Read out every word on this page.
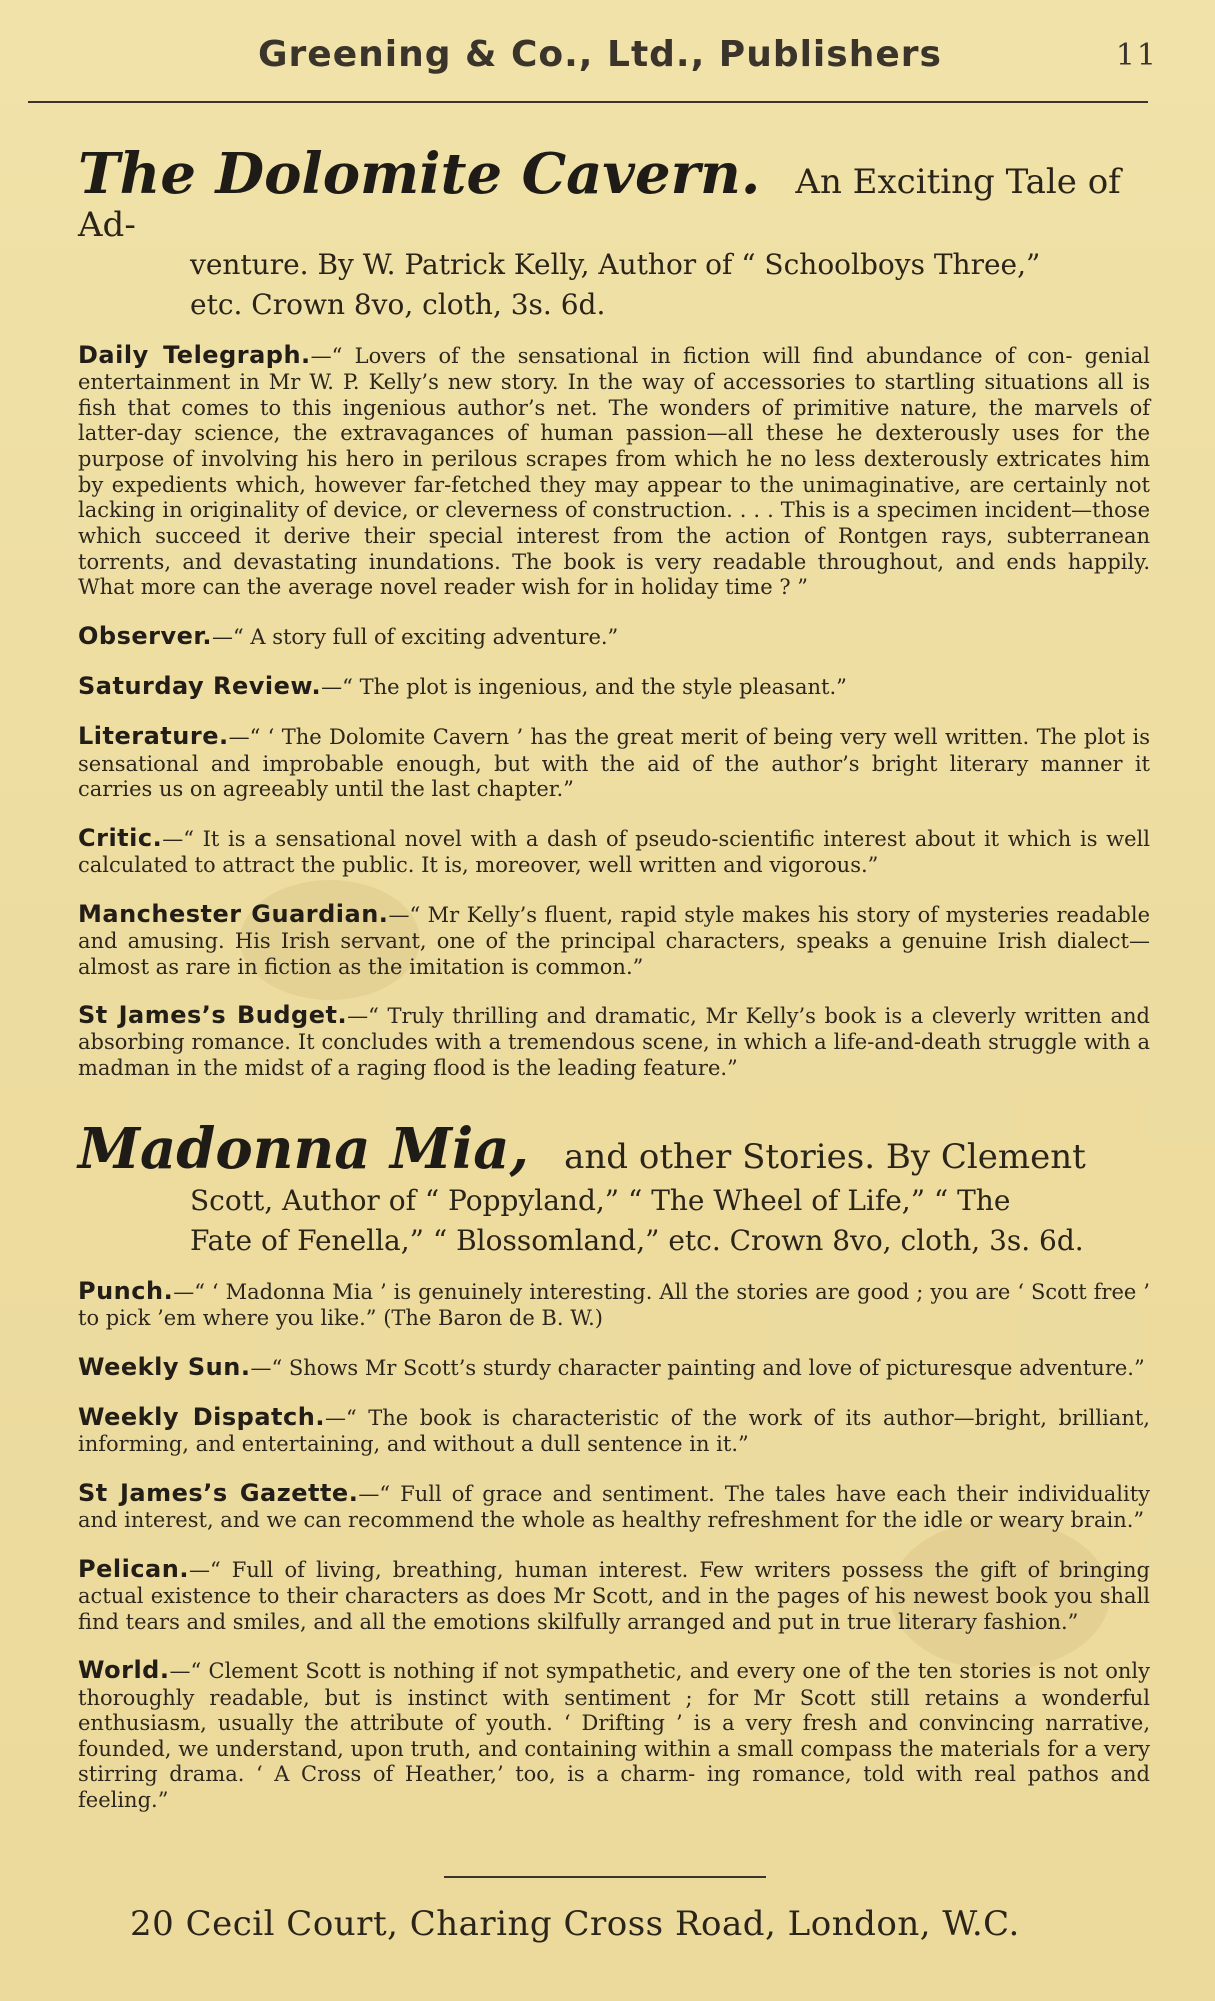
Greening & Co., Ltd., Publishers	11
The Dolomite Cavern. An Exciting Tale of Ad-
venture. By W. Patrick Kelly, Author of “ Schoolboys Three,”
etc. Crown 8vo, cloth, 3s. 6d.

Daily Telegraph.—“ Lovers of the sensational in fiction will find abundance of con- genial entertainment in Mr W. P. Kelly’s new story. In the way of accessories to startling situations all is fish that comes to this ingenious author’s net. The wonders of primitive nature, the marvels of latter-day science, the extravagances of human passion—all these he dexterously uses for the purpose of involving his hero in perilous scrapes from which he no less dexterously extricates him by expedients which, however far-fetched they may appear to the unimaginative, are certainly not lacking in originality of device, or cleverness of construction. . . . This is a specimen incident—those which succeed it derive their special interest from the action of Rontgen rays, subterranean torrents, and devastating inundations. The book is very readable throughout, and ends happily. What more can the average novel reader wish for in holiday time ? ”

Observer.—“ A story full of exciting adventure.”

Saturday Review.—“ The plot is ingenious, and the style pleasant.”

Literature.—“ ‘ The Dolomite Cavern ’ has the great merit of being very well written. The plot is sensational and improbable enough, but with the aid of the author’s bright literary manner it carries us on agreeably until the last chapter.”

Critic.—“ It is a sensational novel with a dash of pseudo-scientific interest about it which is well calculated to attract the public. It is, moreover, well written and vigorous.”

Manchester Guardian.—“ Mr Kelly’s fluent, rapid style makes his story of mysteries readable and amusing. His Irish servant, one of the principal characters, speaks a genuine Irish dialect—almost as rare in fiction as the imitation is common.”

St James’s Budget.—“ Truly thrilling and dramatic, Mr Kelly’s book is a cleverly written and absorbing romance. It concludes with a tremendous scene, in which a life-and-death struggle with a madman in the midst of a raging flood is the leading feature.”

Madonna Mia, and other Stories. By Clement
Scott, Author of “ Poppyland,” “ The Wheel of Life,” “ The
Fate of Fenella,” “ Blossomland,” etc. Crown 8vo, cloth, 3s. 6d.

Punch.—“ ‘ Madonna Mia ’ is genuinely interesting. All the stories are good ; you are ‘ Scott free ’ to pick ’em where you like.” (The Baron de B. W.)

Weekly Sun.—“ Shows Mr Scott’s sturdy character painting and love of picturesque adventure.”

Weekly Dispatch.—“ The book is characteristic of the work of its author—bright, brilliant, informing, and entertaining, and without a dull sentence in it.”

St James’s Gazette.—“ Full of grace and sentiment. The tales have each their individuality and interest, and we can recommend the whole as healthy refreshment for the idle or weary brain.”

Pelican.—“ Full of living, breathing, human interest. Few writers possess the gift of bringing actual existence to their characters as does Mr Scott, and in the pages of his newest book you shall find tears and smiles, and all the emotions skilfully arranged and put in true literary fashion.”

World.—“ Clement Scott is nothing if not sympathetic, and every one of the ten stories is not only thoroughly readable, but is instinct with sentiment ; for Mr Scott still retains a wonderful enthusiasm, usually the attribute of youth. ‘ Drifting ’ is a very fresh and convincing narrative, founded, we understand, upon truth, and containing within a small compass the materials for a very stirring drama. ‘ A Cross of Heather,’ too, is a charm- ing romance, told with real pathos and feeling.”

20 Cecil Court, Charing Cross Road, London, W.C.
